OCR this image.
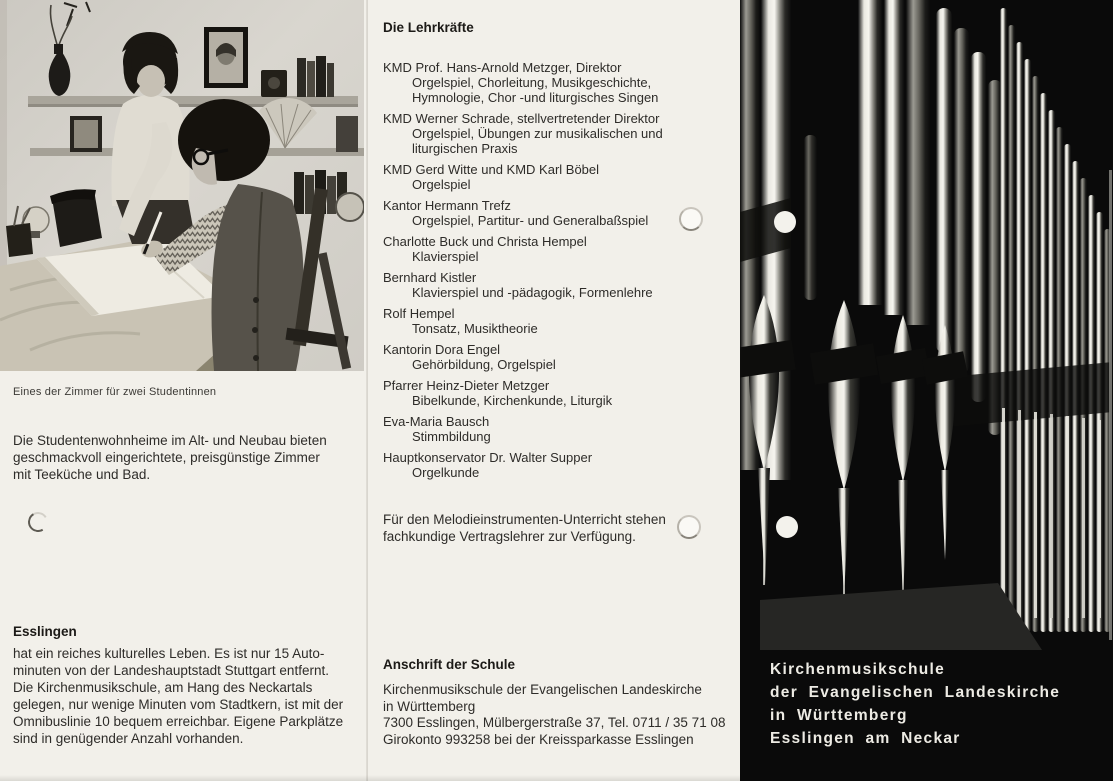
Eines der Zimmer für zwei Studentinnen
Die Studentenwohnheime im Alt- und Neubau bieten
geschmackvoll eingerichtete, preisgünstige Zimmer
mit Teeküche und Bad.
Esslingen
hat ein reiches kulturelles Leben. Es ist nur 15 Auto-
minuten von der Landeshauptstadt Stuttgart entfernt.
Die Kirchenmusikschule, am Hang des Neckartals
gelegen, nur wenige Minuten vom Stadtkern, ist mit der
Omnibuslinie 10 bequem erreichbar. Eigene Parkplätze
sind in genügender Anzahl vorhanden.
Die Lehrkräfte
KMD Prof. Hans-Arnold Metzger, Direktor
Orgelspiel, Chorleitung, Musikgeschichte,
Hymnologie, Chor -und liturgisches Singen
KMD Werner Schrade, stellvertretender Direktor
Orgelspiel, Übungen zur musikalischen und
liturgischen Praxis
KMD Gerd Witte und KMD Karl Böbel
Orgelspiel
Kantor Hermann Trefz
Orgelspiel, Partitur- und Generalbaßspiel
Charlotte Buck und Christa Hempel
Klavierspiel
Bernhard Kistler
Klavierspiel und -pädagogik, Formenlehre
Rolf Hempel
Tonsatz, Musiktheorie
Kantorin Dora Engel
Gehörbildung, Orgelspiel
Pfarrer Heinz-Dieter Metzger
Bibelkunde, Kirchenkunde, Liturgik
Eva-Maria Bausch
Stimmbildung
Hauptkonservator Dr. Walter Supper
Orgelkunde
Für den Melodieinstrumenten-Unterricht stehen
fachkundige Vertragslehrer zur Verfügung.
Anschrift der Schule
Kirchenmusikschule der Evangelischen Landeskirche
in Württemberg
7300 Esslingen, Mülbergerstraße 37, Tel. 0711 / 35 71 08
Girokonto 993258 bei der Kreissparkasse Esslingen
Kirchenmusikschule
der Evangelischen Landeskirche
in Württemberg
Esslingen am Neckar
